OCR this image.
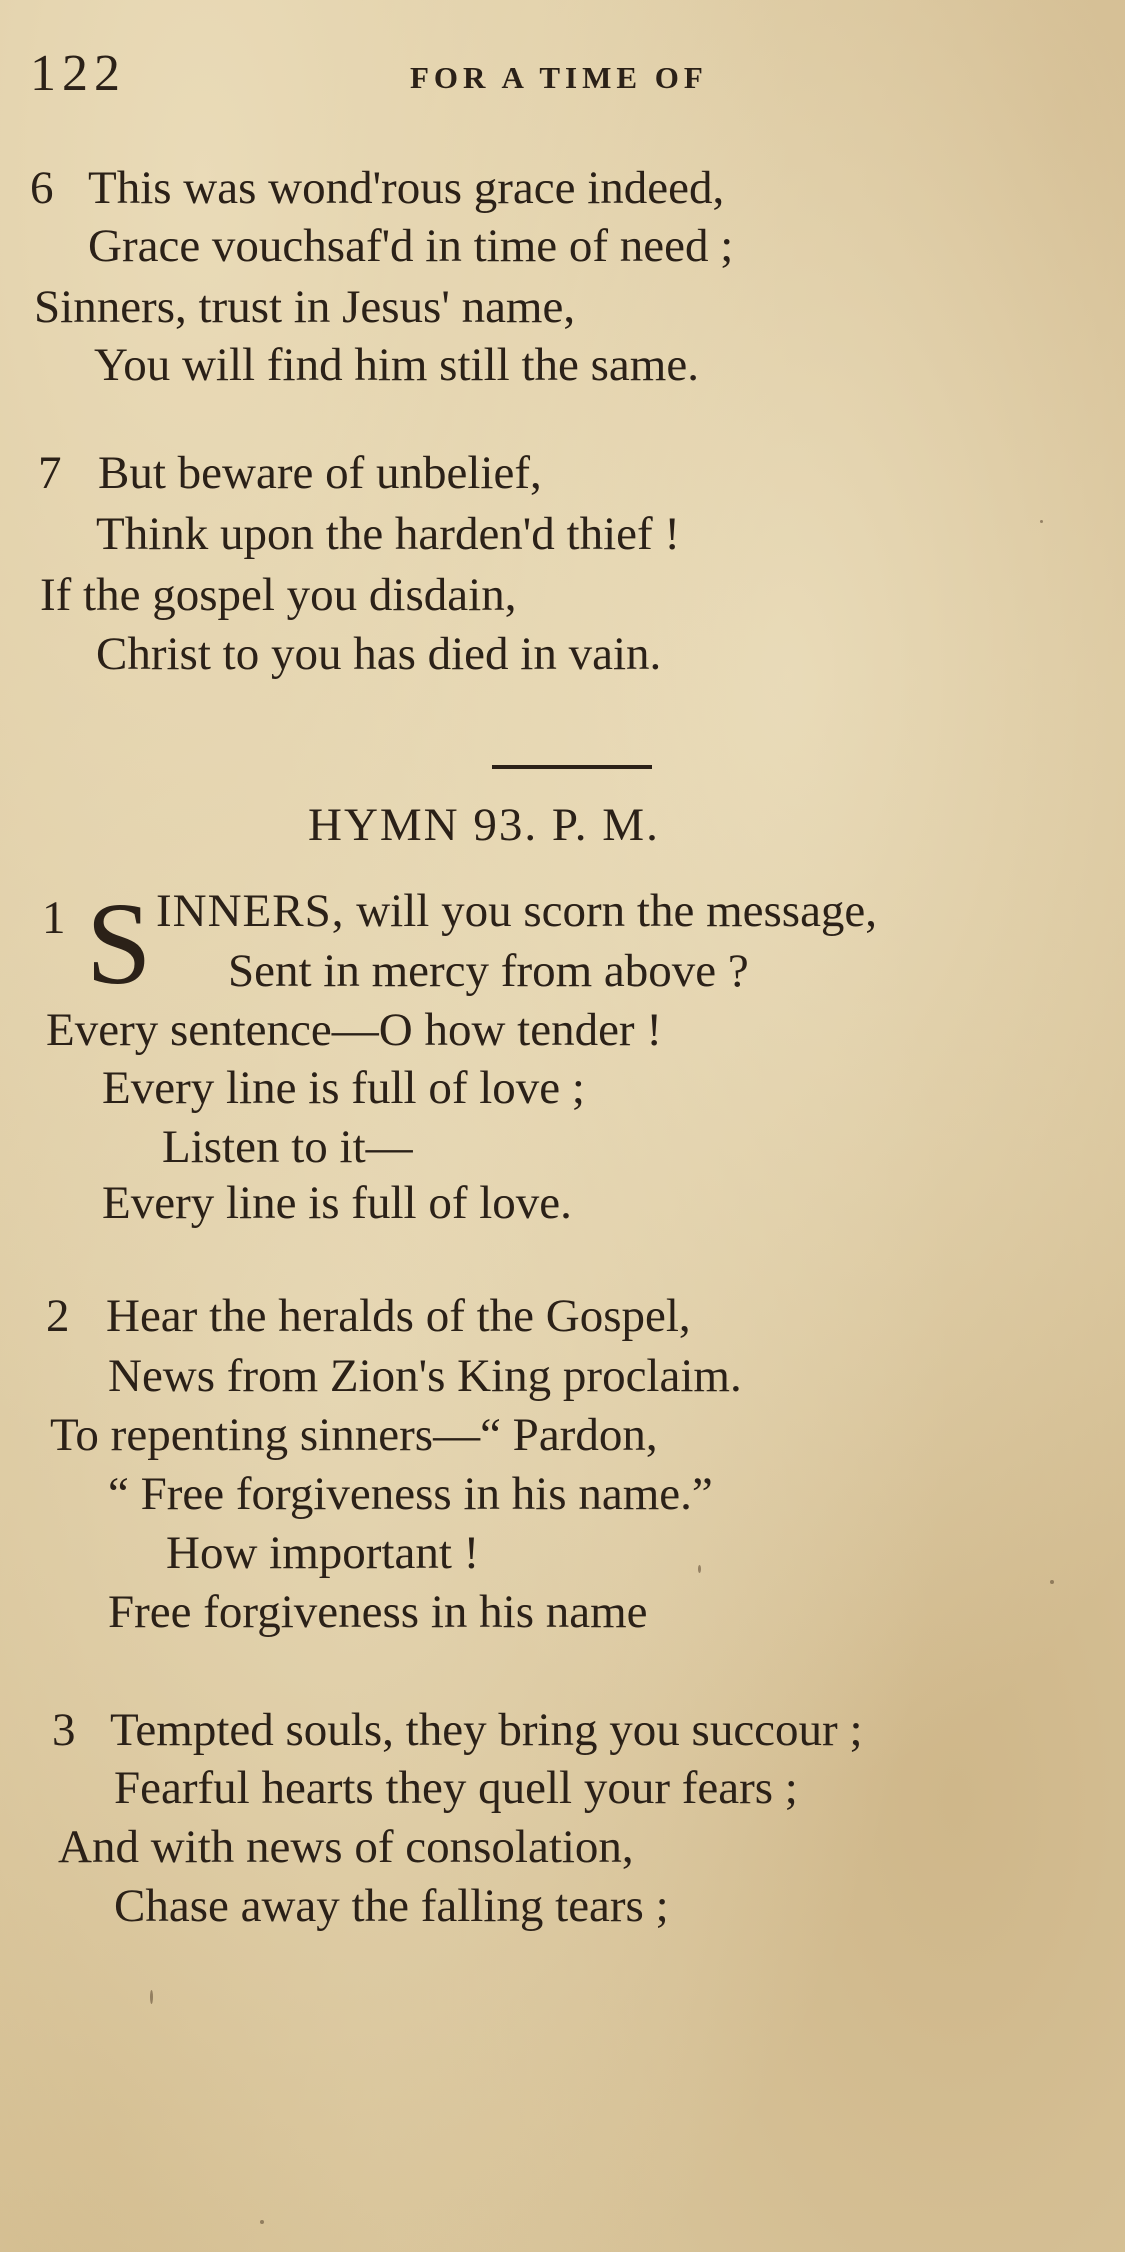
122	FOR A TIME OF
6 This was wond'rous grace indeed,
Grace vouchsaf'd in time of need ;
Sinners, trust in Jesus' name,
You will find him still the same.
7 But beware of unbelief,
Think upon the harden'd thief !
If the gospel you disdain,
Christ to you has died in vain.
HYMN 93. P. M.
1 S INNERS, will you scorn the message,
Sent in mercy from above ?
Every sentence—O how tender !
Every line is full of love ;
Listen to it—
Every line is full of love.
2 Hear the heralds of the Gospel,
News from Zion's King proclaim.
To repenting sinners—“ Pardon,
“ Free forgiveness in his name.”
How important !
Free forgiveness in his name
3 Tempted souls, they bring you succour ;
Fearful hearts they quell your fears ;
And with news of consolation,
Chase away the falling tears ;
